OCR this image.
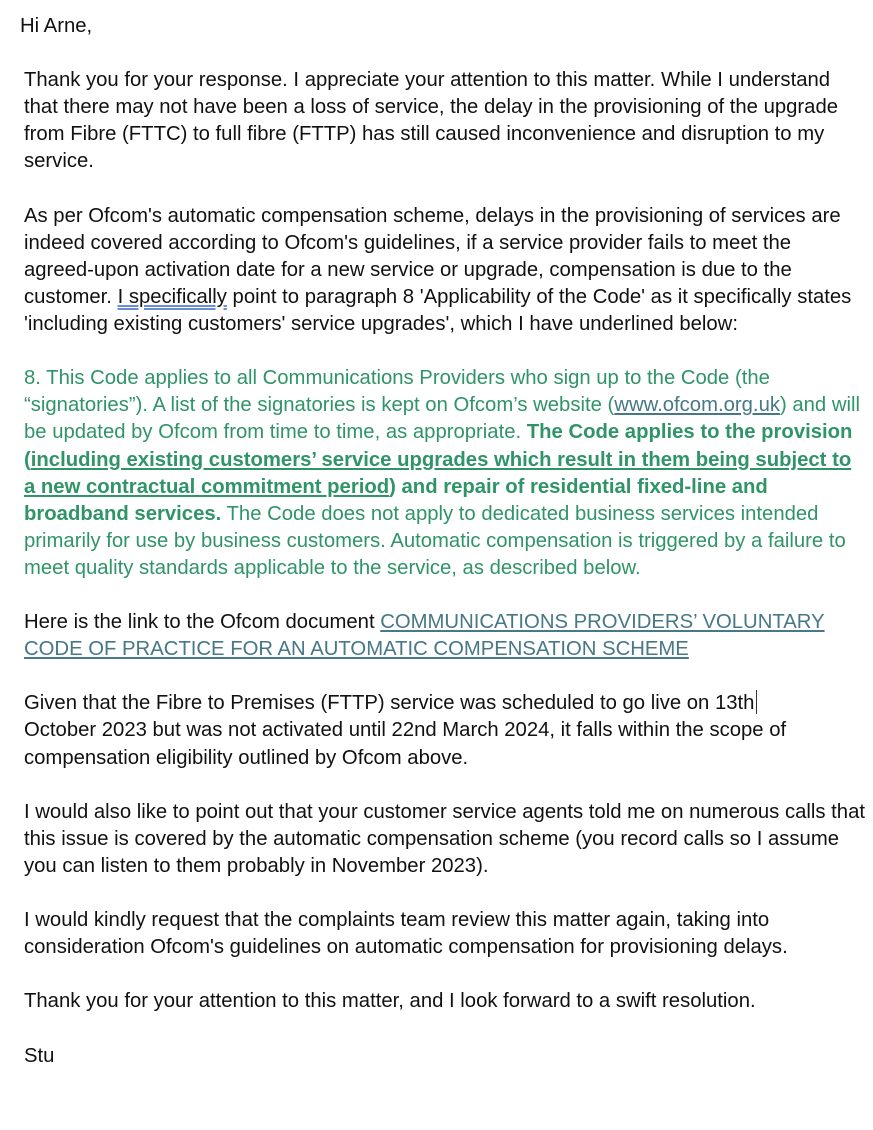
Hi Arne,

Thank you for your response. I appreciate your attention to this matter. While I understand that there may not have been a loss of service, the delay in the provisioning of the upgrade from Fibre (FTTC) to full fibre (FTTP) has still caused inconvenience and disruption to my service.

As per Ofcom's automatic compensation scheme, delays in the provisioning of services are indeed covered according to Ofcom's guidelines, if a service provider fails to meet the agreed-upon activation date for a new service or upgrade, compensation is due to the customer. I specifically point to paragraph 8 'Applicability of the Code' as it specifically states 'including existing customers' service upgrades', which I have underlined below:

8. This Code applies to all Communications Providers who sign up to the Code (the “signatories”). A list of the signatories is kept on Ofcom’s website (www.ofcom.org.uk) and will be updated by Ofcom from time to time, as appropriate. The Code applies to the provision (including existing customers’ service upgrades which result in them being subject to a new contractual commitment period) and repair of residential fixed-line and broadband services. The Code does not apply to dedicated business services intended primarily for use by business customers. Automatic compensation is triggered by a failure to meet quality standards applicable to the service, as described below.

Here is the link to the Ofcom document COMMUNICATIONS PROVIDERS’ VOLUNTARY CODE OF PRACTICE FOR AN AUTOMATIC COMPENSATION SCHEME

Given that the Fibre to Premises (FTTP) service was scheduled to go live on 13th
October 2023 but was not activated until 22nd March 2024, it falls within the scope of compensation eligibility outlined by Ofcom above.

I would also like to point out that your customer service agents told me on numerous calls that this issue is covered by the automatic compensation scheme (you record calls so I assume you can listen to them probably in November 2023).

I would kindly request that the complaints team review this matter again, taking into consideration Ofcom's guidelines on automatic compensation for provisioning delays.

Thank you for your attention to this matter, and I look forward to a swift resolution.

Stu
